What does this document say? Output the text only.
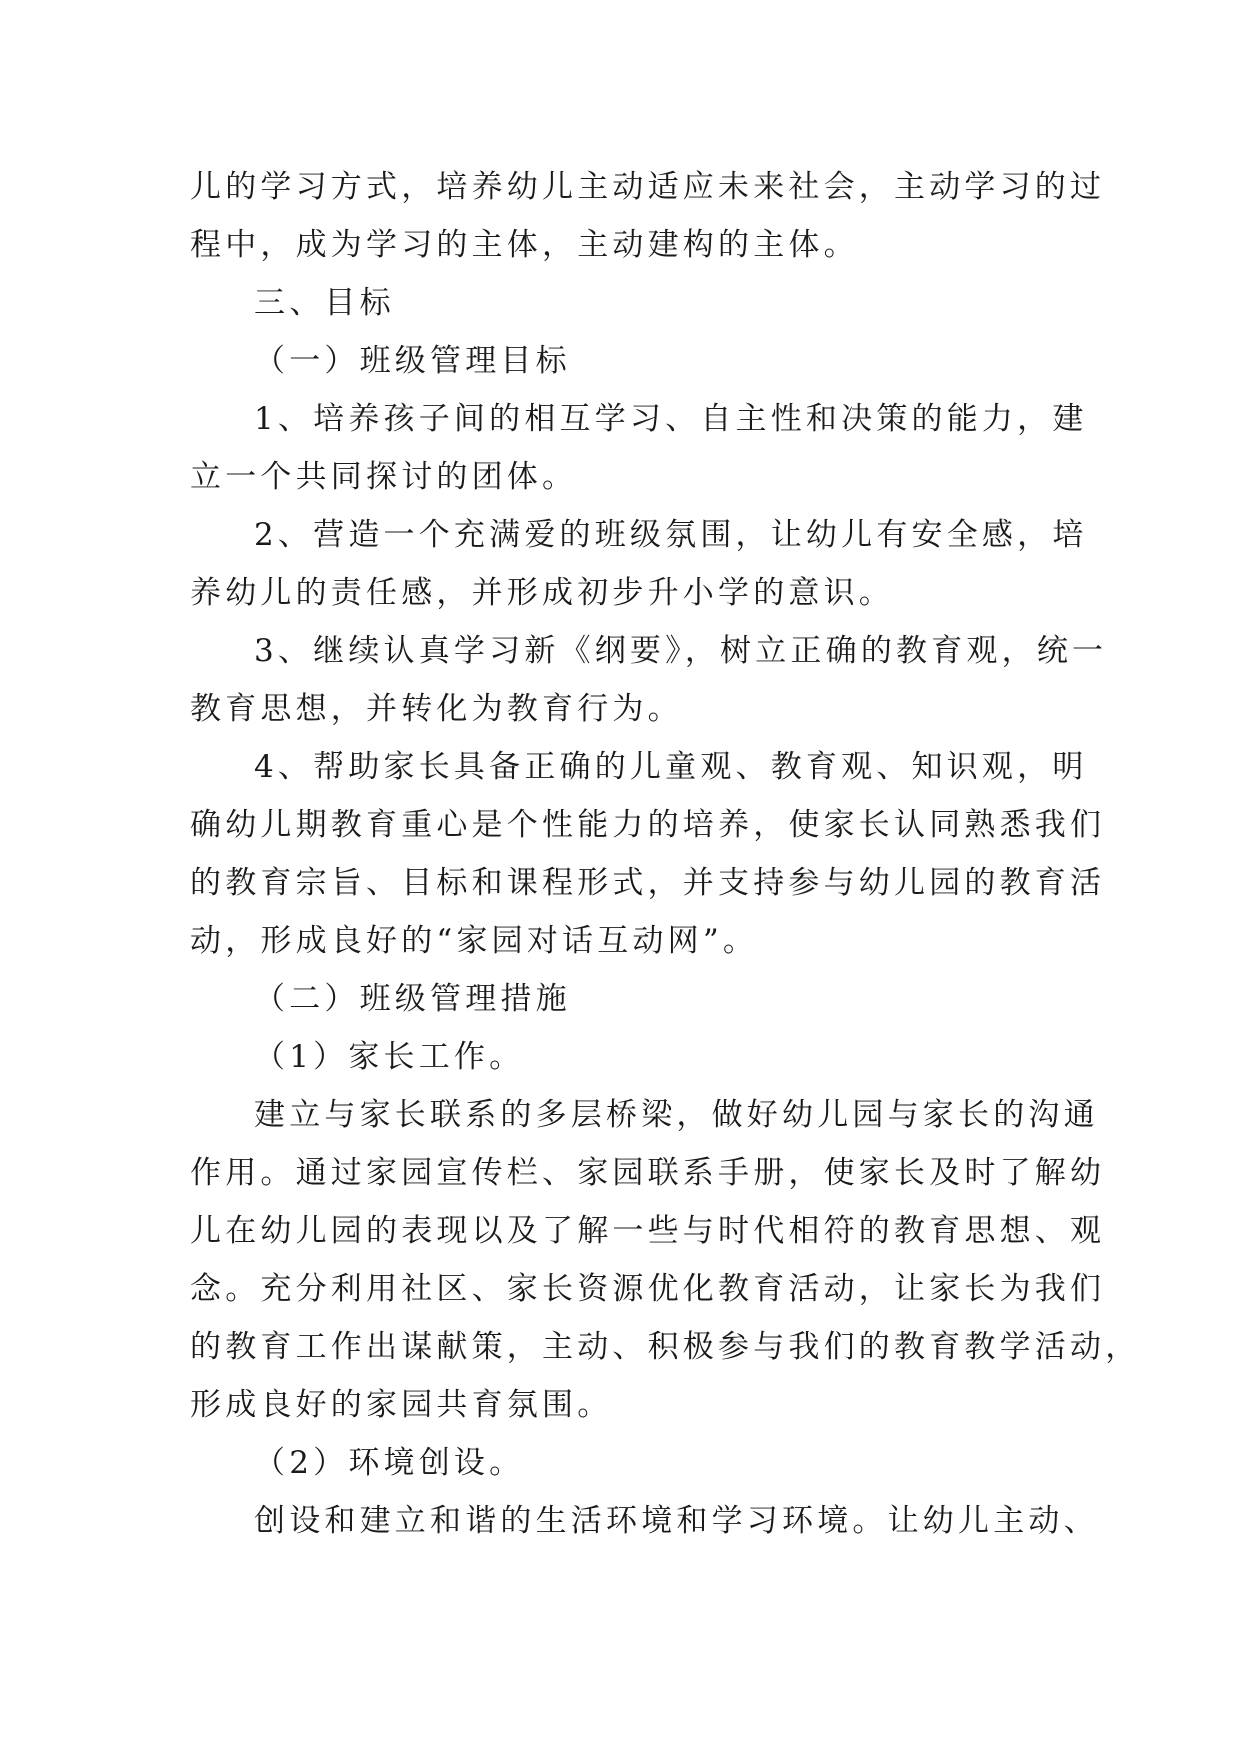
儿的学习方式，培养幼儿主动适应未来社会，主动学习的过
程中，成为学习的主体，主动建构的主体。
三、目标
（一）班级管理目标
1、培养孩子间的相互学习、自主性和决策的能力，建
立一个共同探讨的团体。
2、营造一个充满爱的班级氛围，让幼儿有安全感，培
养幼儿的责任感，并形成初步升小学的意识。
3、继续认真学习新《纲要》，树立正确的教育观，统一
教育思想，并转化为教育行为。
4、帮助家长具备正确的儿童观、教育观、知识观，明
确幼儿期教育重心是个性能力的培养，使家长认同熟悉我们
的教育宗旨、目标和课程形式，并支持参与幼儿园的教育活
动，形成良好的“家园对话互动网”。
（二）班级管理措施
（1）家长工作。
建立与家长联系的多层桥梁，做好幼儿园与家长的沟通
作用。通过家园宣传栏、家园联系手册，使家长及时了解幼
儿在幼儿园的表现以及了解一些与时代相符的教育思想、观
念。充分利用社区、家长资源优化教育活动，让家长为我们
的教育工作出谋献策，主动、积极参与我们的教育教学活动，
形成良好的家园共育氛围。
（2）环境创设。
创设和建立和谐的生活环境和学习环境。让幼儿主动、
